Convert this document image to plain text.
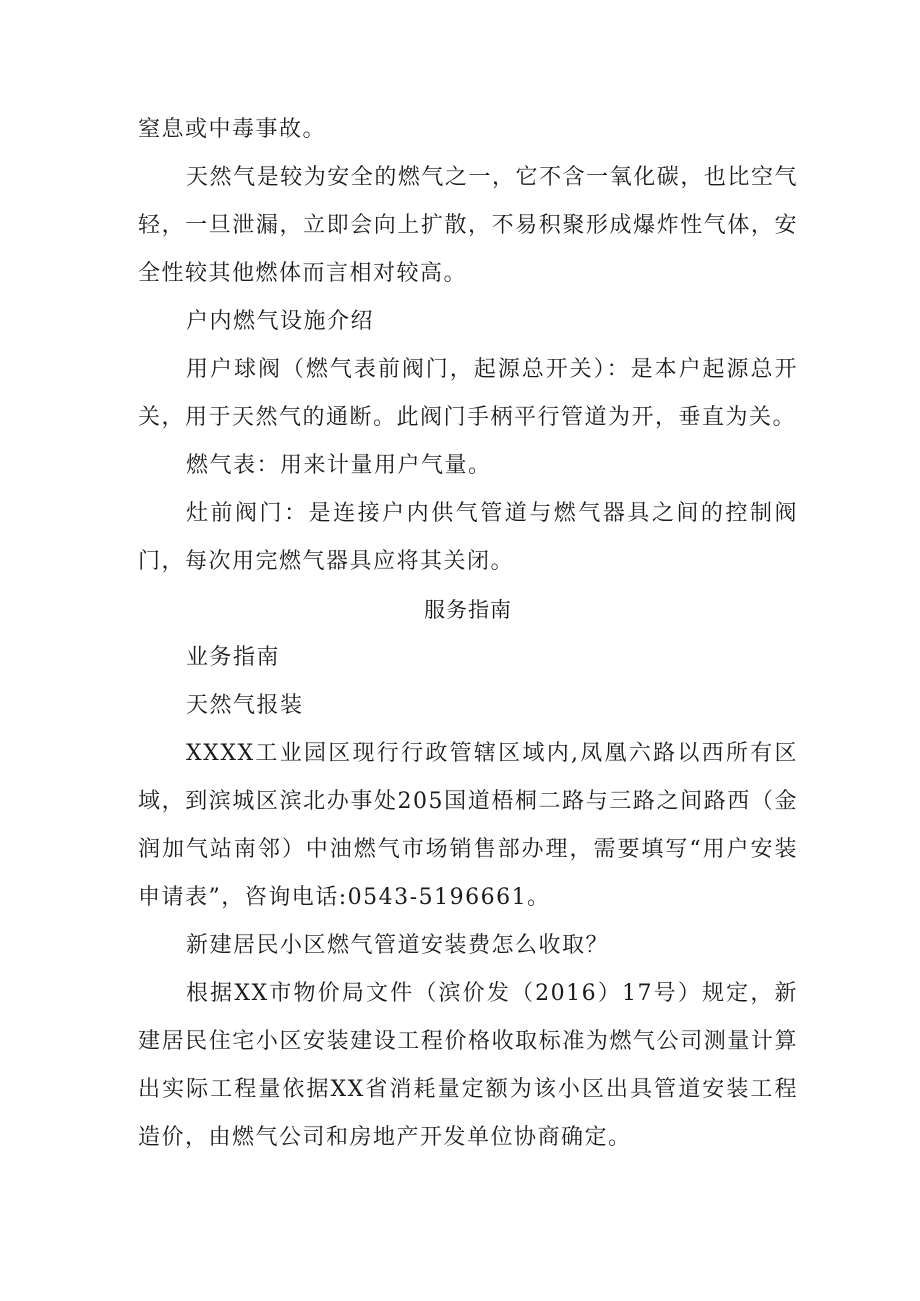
窒息或中毒事故。

天然气是较为安全的燃气之一，它不含一氧化碳，也比空气轻，一旦泄漏，立即会向上扩散，不易积聚形成爆炸性气体，安全性较其他燃体而言相对较高。

户内燃气设施介绍

用户球阀（燃气表前阀门，起源总开关）：是本户起源总开关，用于天然气的通断。此阀门手柄平行管道为开，垂直为关。

燃气表：用来计量用户气量。

灶前阀门：是连接户内供气管道与燃气器具之间的控制阀门，每次用完燃气器具应将其关闭。

服务指南

业务指南

天然气报装

XXXX工业园区现行行政管辖区域内,凤凰六路以西所有区域，到滨城区滨北办事处205国道梧桐二路与三路之间路西（金润加气站南邻）中油燃气市场销售部办理，需要填写“用户安装申请表”，咨询电话:0543-5196661。

新建居民小区燃气管道安装费怎么收取？

根据XX市物价局文件（滨价发（2016）17号）规定，新建居民住宅小区安装建设工程价格收取标准为燃气公司测量计算出实际工程量依据XX省消耗量定额为该小区出具管道安装工程造价，由燃气公司和房地产开发单位协商确定。
